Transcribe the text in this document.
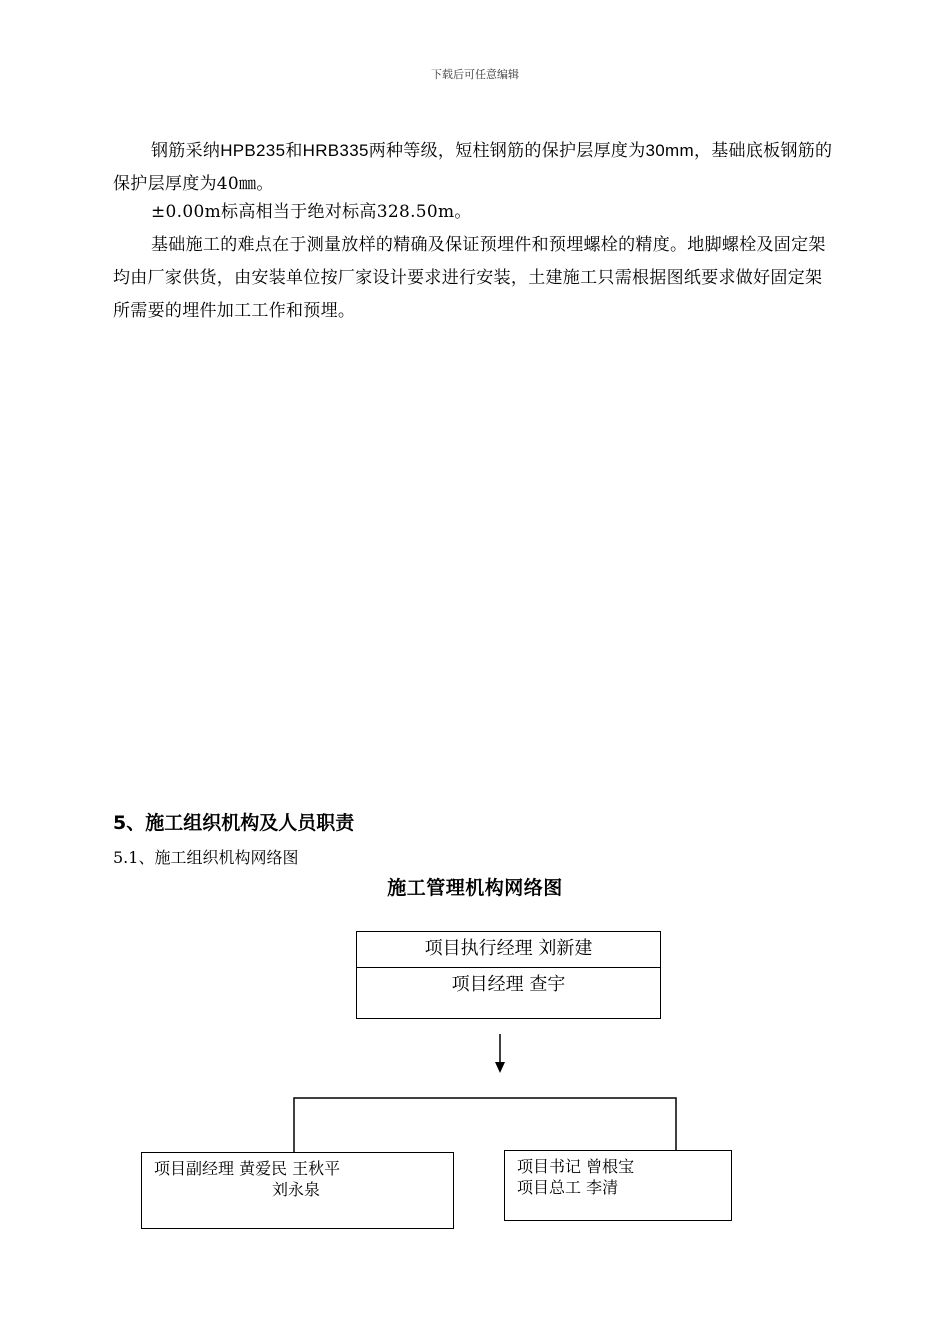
下载后可任意编辑
钢筋采纳HPB235和HRB335两种等级，短柱钢筋的保护层厚度为30mm，基础底板钢筋的保护层厚度为40㎜。
±0.00m标高相当于绝对标高328.50m。
基础施工的难点在于测量放样的精确及保证预埋件和预埋螺栓的精度。地脚螺栓及固定架均由厂家供货，由安装单位按厂家设计要求进行安装，土建施工只需根据图纸要求做好固定架所需要的埋件加工工作和预埋。
5、施工组织机构及人员职责
5.1、施工组织机构网络图
施工管理机构网络图
项目执行经理 刘新建
项目经理 查宇
项目副经理 黄爱民 王秋平
刘永泉
项目书记 曾根宝
项目总工 李清
